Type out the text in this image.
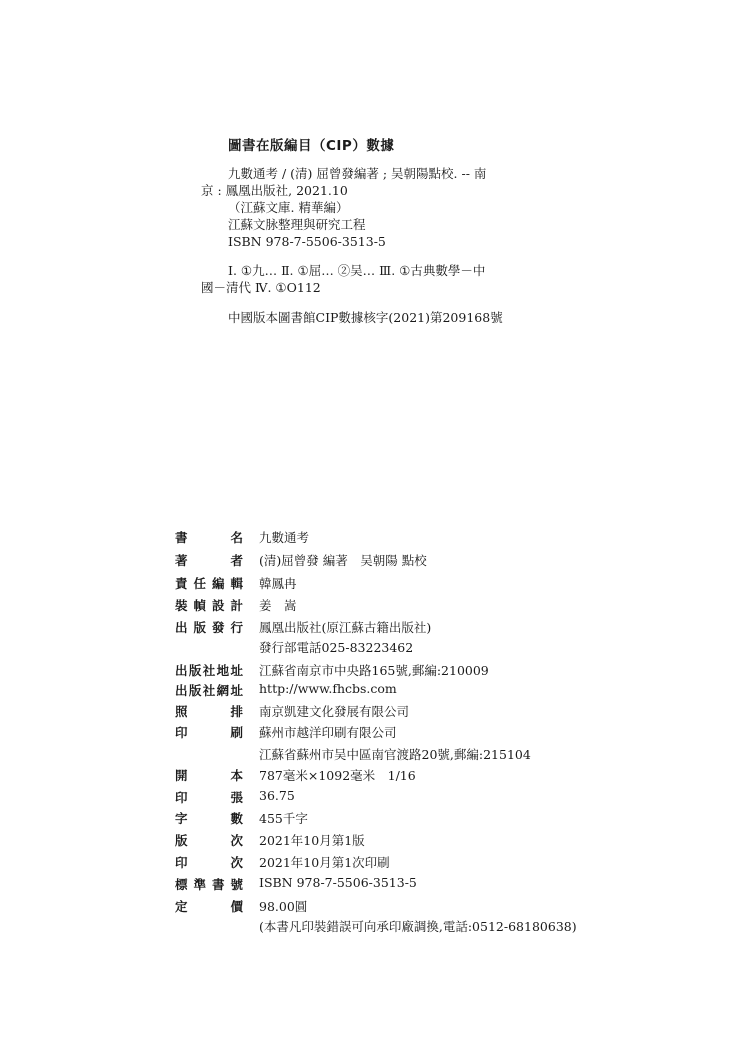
圖書在版編目（CIP）數據
九數通考 / (清) 屈曾發編著 ; 吴朝陽點校. -- 南
京 : 鳳凰出版社, 2021.10
（江蘇文庫. 精華編）
江蘇文脉整理與研究工程
ISBN 978-7-5506-3513-5
Ⅰ. ①九… Ⅱ. ①屈… ②吴… Ⅲ. ①古典數學－中
國－清代 Ⅳ. ①O112
中國版本圖書館CIP數據核字(2021)第209168號
書	名 九數通考
著	者 (清)屈曾發 編著　吴朝陽 點校
責 任 編 輯 韓鳳冉
裝 幀 設 計 姜　嵩
出 版 發 行 鳳凰出版社(原江蘇古籍出版社)
發行部電話025-83223462
出 版 社 地 址 江蘇省南京市中央路165號,郵編:210009
出 版 社 網 址 http://www.fhcbs.com
照	排 南京凱建文化發展有限公司
印	刷 蘇州市越洋印刷有限公司
江蘇省蘇州市吴中區南官渡路20號,郵編:215104
開	本 787毫米×1092毫米　1/16
印	張 36.75
字	數 455千字
版	次 2021年10月第1版
印	次 2021年10月第1次印刷
標 準 書 號 ISBN 978-7-5506-3513-5
定	價 98.00圓
(本書凡印裝錯誤可向承印廠調換,電話:0512-68180638)
